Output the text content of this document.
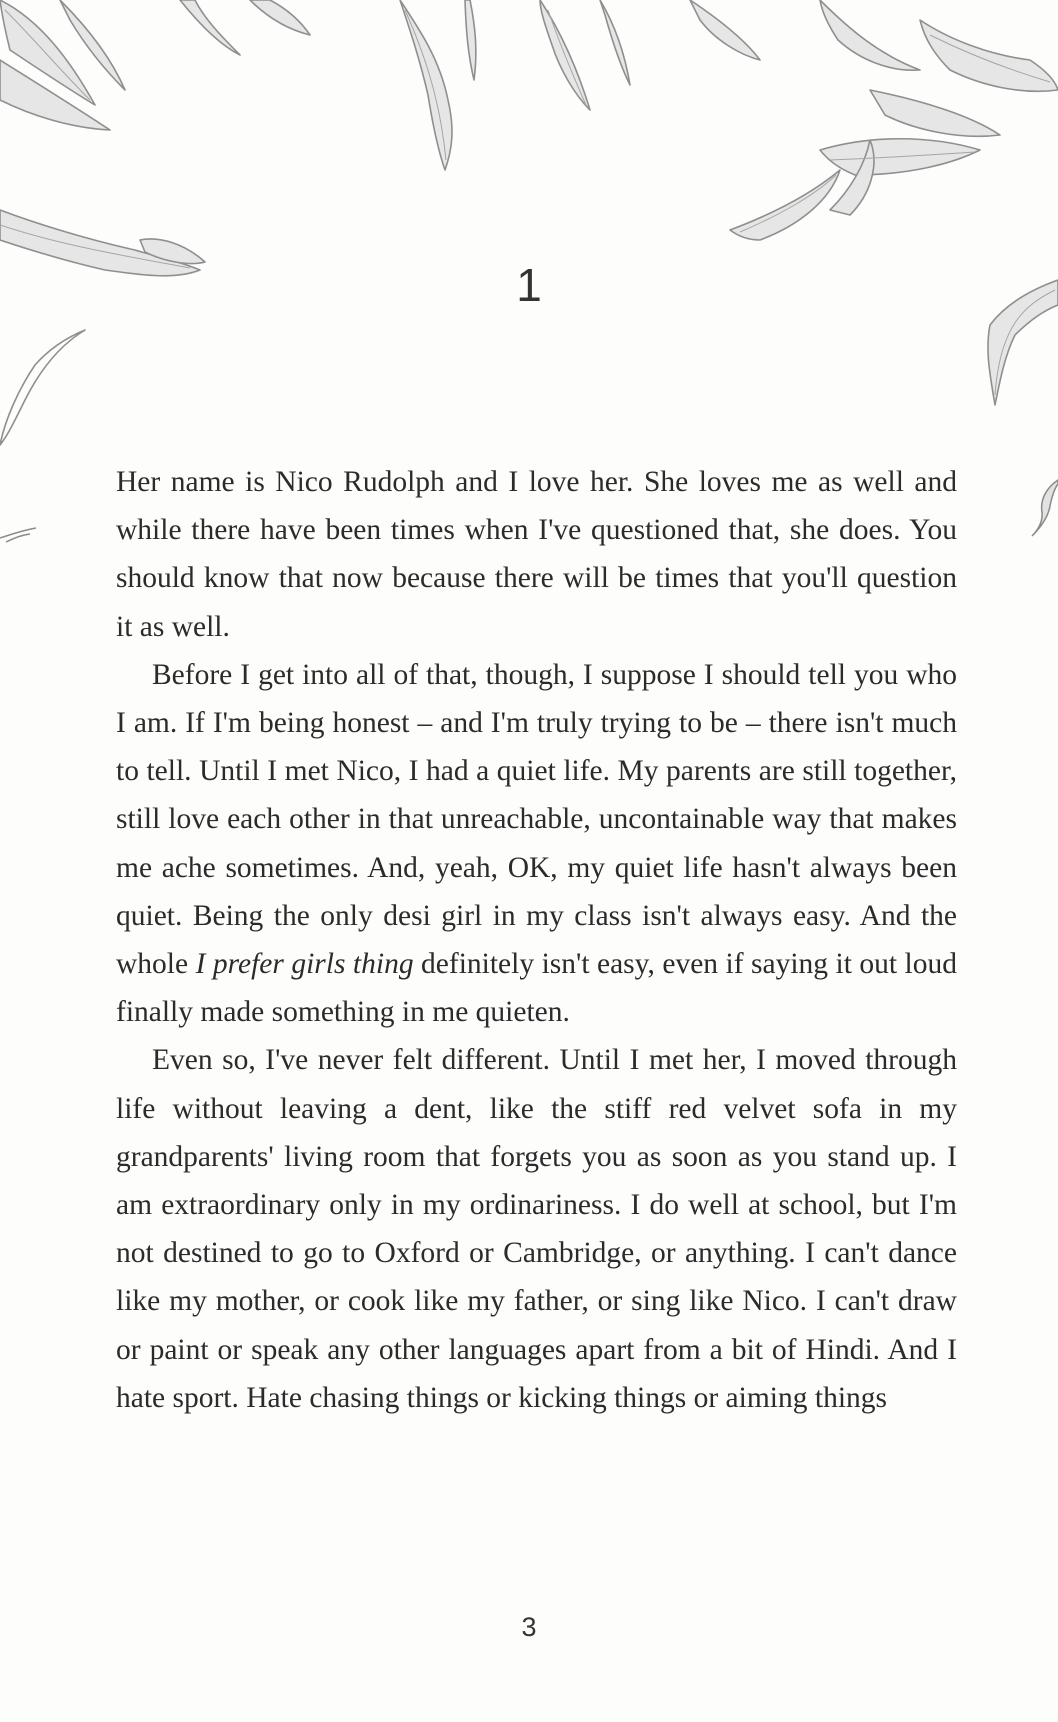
1

Her name is Nico Rudolph and I love her. She loves me as well and while there have been times when I've questioned that, she does. You should know that now because there will be times that you'll question it as well.

Before I get into all of that, though, I suppose I should tell you who I am. If I'm being honest – and I'm truly trying to be – there isn't much to tell. Until I met Nico, I had a quiet life. My parents are still together, still love each other in that unreachable, uncontainable way that makes me ache sometimes. And, yeah, OK, my quiet life hasn't always been quiet. Being the only desi girl in my class isn't always easy. And the whole I prefer girls thing definitely isn't easy, even if saying it out loud finally made something in me quieten.

Even so, I've never felt different. Until I met her, I moved through life without leaving a dent, like the stiff red velvet sofa in my grandparents' living room that forgets you as soon as you stand up. I am extraordinary only in my ordinariness. I do well at school, but I'm not destined to go to Oxford or Cambridge, or anything. I can't dance like my mother, or cook like my father, or sing like Nico. I can't draw or paint or speak any other languages apart from a bit of Hindi. And I hate sport. Hate chasing things or kicking things or aiming things

3
